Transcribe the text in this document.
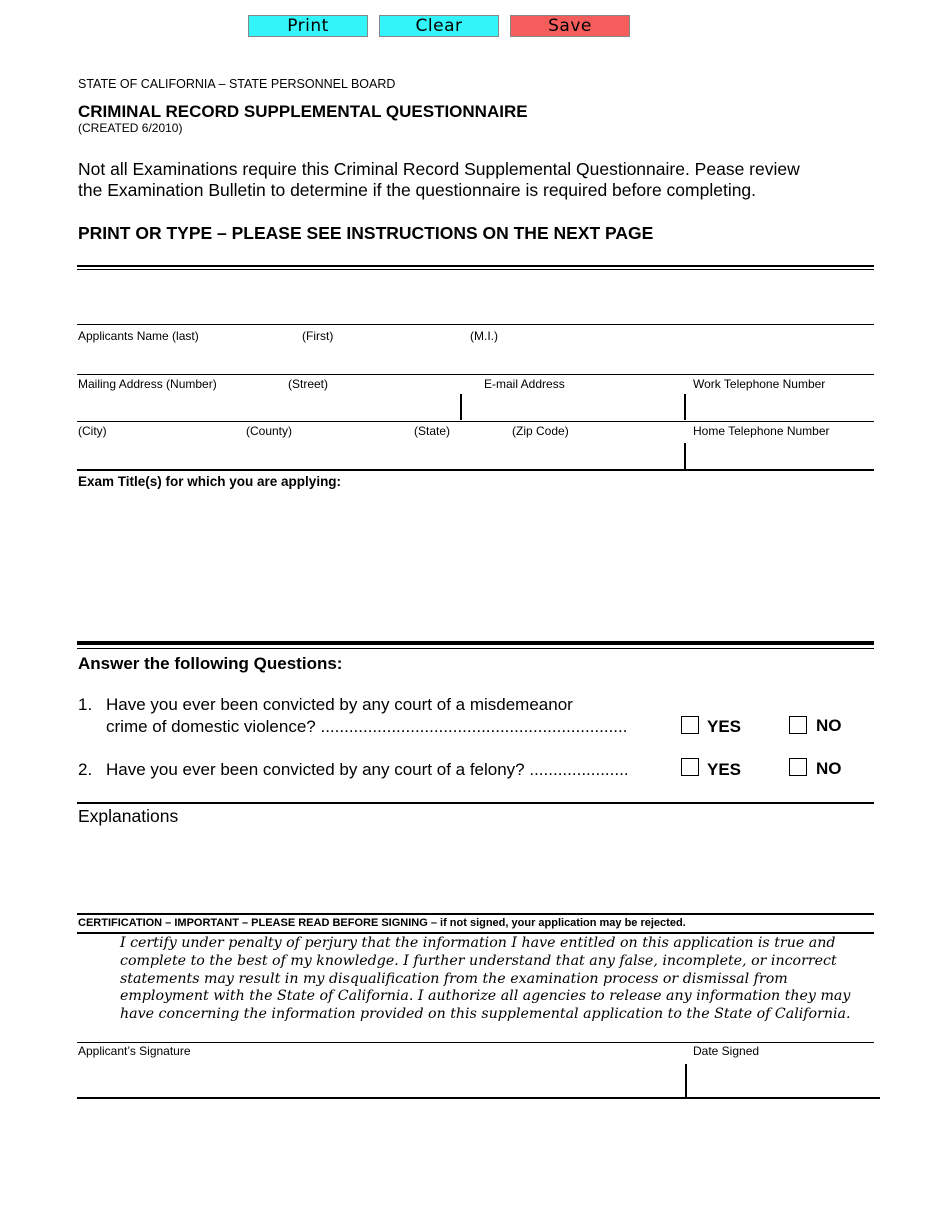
Print	Clear	Save
STATE OF CALIFORNIA – STATE PERSONNEL BOARD
CRIMINAL RECORD SUPPLEMENTAL QUESTIONNAIRE
(CREATED 6/2010)
Not all Examinations require this Criminal Record Supplemental Questionnaire. Pease review
the Examination Bulletin to determine if the questionnaire is required before completing.
PRINT OR TYPE – PLEASE SEE INSTRUCTIONS ON THE NEXT PAGE
Applicants Name (last)	(First)	(M.I.)
Mailing Address (Number)	(Street)	E-mail Address	Work Telephone Number
(City)	(County)	(State)	(Zip Code)	Home Telephone Number
Exam Title(s) for which you are applying:
Answer the following Questions:
1. Have you ever been convicted by any court of a misdemeanor
crime of domestic violence? .................................................................	YES	NO
2. Have you ever been convicted by any court of a felony? .....................	YES	NO
Explanations
CERTIFICATION – IMPORTANT – PLEASE READ BEFORE SIGNING – if not signed, your application may be rejected.
I certify under penalty of perjury that the information I have entitled on this application is true and
complete to the best of my knowledge. I further understand that any false, incomplete, or incorrect
statements may result in my disqualification from the examination process or dismissal from
employment with the State of California. I authorize all agencies to release any information they may
have concerning the information provided on this supplemental application to the State of California.
Applicant’s Signature	Date Signed
